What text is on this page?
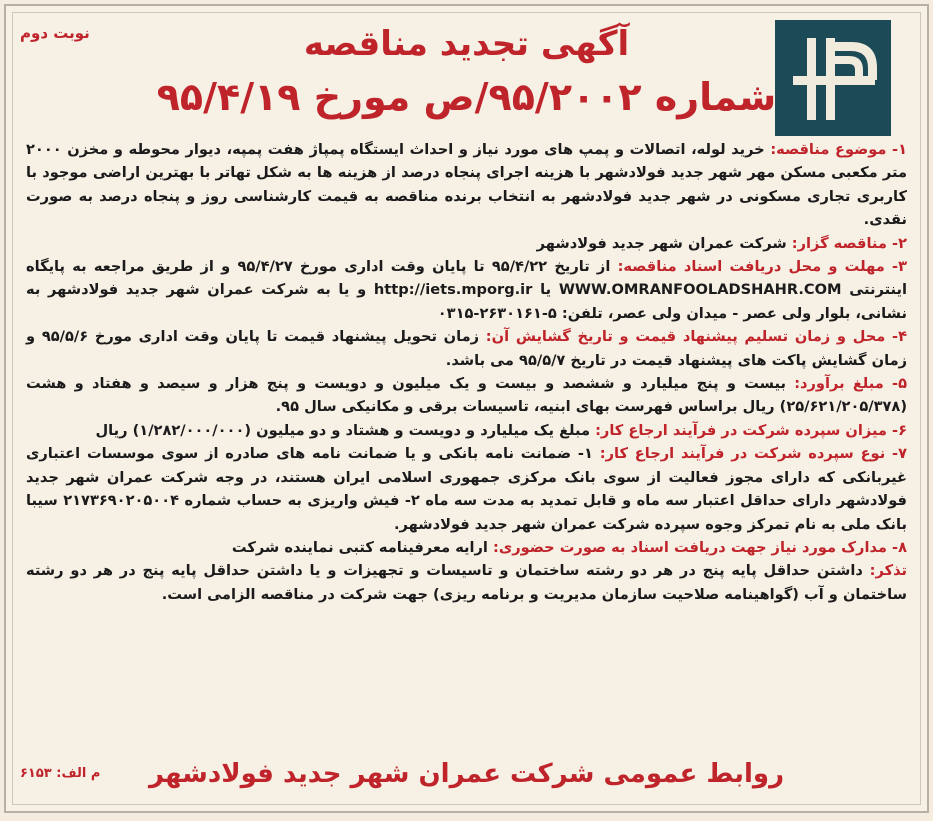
نوبت دوم	آگهی تجدید مناقصه
شماره ۹۵/۲۰۰۲/ص مورخ ۹۵/۴/۱۹

۱- موضوع مناقصه: خرید لوله، اتصالات و پمپ های مورد نیاز و احداث ایستگاه پمپاژ هفت پمپه، دیوار محوطه و مخزن ۲۰۰۰ متر مکعبی مسکن مهر شهر جدید فولادشهر با هزینه اجرای پنجاه درصد از هزینه ها به شکل تهاتر با بهترین اراضی موجود با کاربری تجاری مسکونی در شهر جدید فولادشهر به انتخاب برنده مناقصه به قیمت کارشناسی روز و پنجاه درصد به صورت نقدی.

۲- مناقصه گزار: شرکت عمران شهر جدید فولادشهر

۳- مهلت و محل دریافت اسناد مناقصه: از تاریخ ۹۵/۴/۲۲ تا پایان وقت اداری مورخ ۹۵/۴/۲۷ و از طریق مراجعه به پایگاه اینترنتی WWW.OMRANFOOLADSHAHR.COM یا http://iets.mporg.ir و یا به شرکت عمران شهر جدید فولادشهر به نشانی، بلوار ولی عصر - میدان ولی عصر، تلفن: ۵-۲۶۳۰۱۶۱-۰۳۱۵

۴- محل و زمان تسلیم پیشنهاد قیمت و تاریخ گشایش آن: زمان تحویل پیشنهاد قیمت تا پایان وقت اداری مورخ ۹۵/۵/۶ و زمان گشایش پاکت های پیشنهاد قیمت در تاریخ ۹۵/۵/۷ می باشد.

۵- مبلغ برآورد: بیست و پنج میلیارد و ششصد و بیست و یک میلیون و دویست و پنج هزار و سیصد و هفتاد و هشت (۲۵/۶۲۱/۲۰۵/۳۷۸) ریال براساس فهرست بهای ابنیه، تاسیسات برقی و مکانیکی سال ۹۵.

۶- میزان سپرده شرکت در فرآیند ارجاع کار: مبلغ یک میلیارد و دویست و هشتاد و دو میلیون (۱/۲۸۲/۰۰۰/۰۰۰) ریال

۷- نوع سپرده شرکت در فرآیند ارجاع کار: ۱- ضمانت نامه بانکی و یا ضمانت نامه های صادره از سوی موسسات اعتباری غیربانکی که دارای مجوز فعالیت از سوی بانک مرکزی جمهوری اسلامی ایران هستند، در وجه شرکت عمران شهر جدید فولادشهر دارای حداقل اعتبار سه ماه و قابل تمدید به مدت سه ماه ۲- فیش واریزی به حساب شماره ۲۱۷۳۶۹۰۲۰۵۰۰۴ سیبا بانک ملی به نام تمرکز وجوه سپرده شرکت عمران شهر جدید فولادشهر.

۸- مدارک مورد نیاز جهت دریافت اسناد به صورت حضوری: ارایه معرفینامه کتبی نماینده شرکت

تذکر: داشتن حداقل پایه پنج در هر دو رشته ساختمان و تاسیسات و تجهیزات و یا داشتن حداقل پایه پنج در هر دو رشته ساختمان و آب (گواهینامه صلاحیت سازمان مدیریت و برنامه ریزی) جهت شرکت در مناقصه الزامی است.

روابط عمومی شرکت عمران شهر جدید فولادشهر
م الف: ۶۱۵۳
